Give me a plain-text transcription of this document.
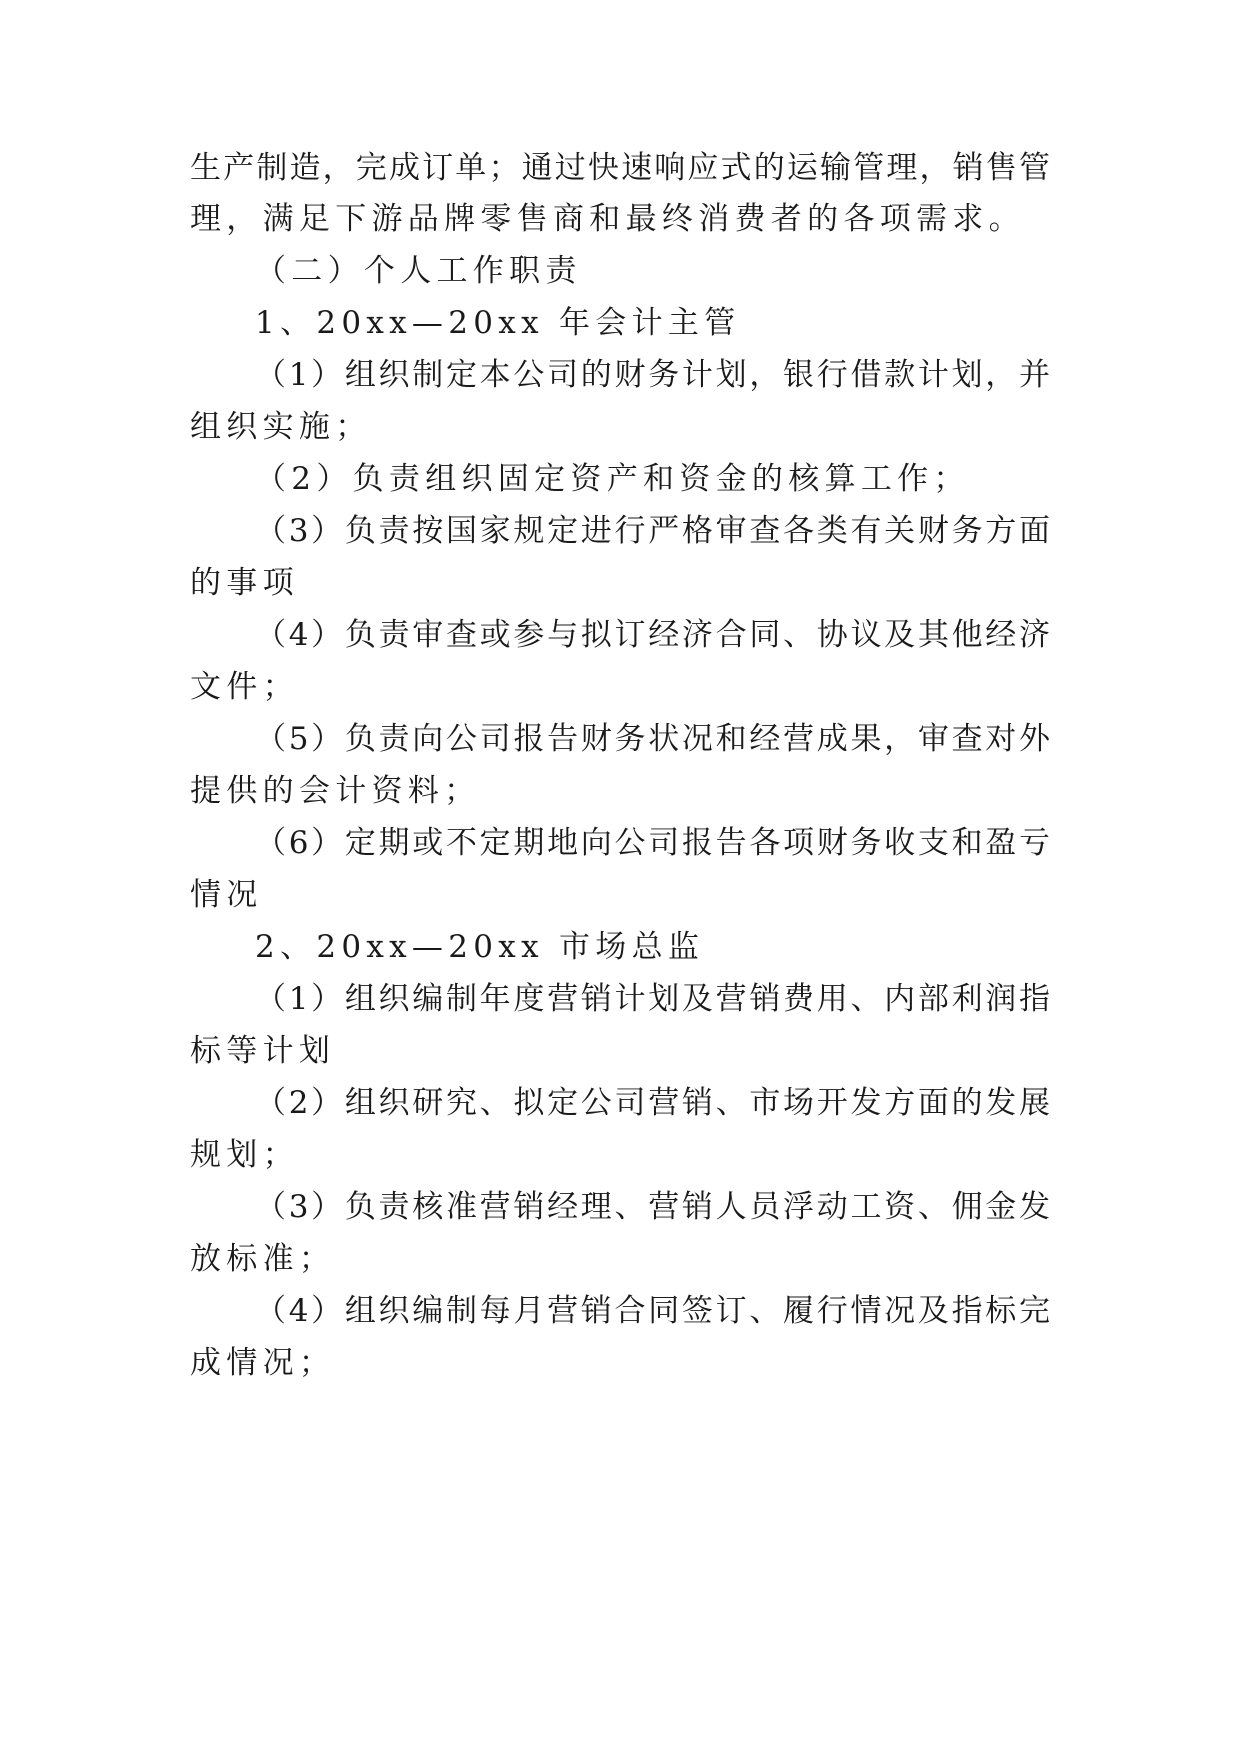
生产制造，完成订单；通过快速响应式的运输管理，销售管
理，满足下游品牌零售商和最终消费者的各项需求。
（二）个人工作职责
1、20xx—20xx 年会计主管
（1）组织制定本公司的财务计划，银行借款计划，并
组织实施；
（2）负责组织固定资产和资金的核算工作；
（3）负责按国家规定进行严格审查各类有关财务方面
的事项
（4）负责审查或参与拟订经济合同、协议及其他经济
文件；
（5）负责向公司报告财务状况和经营成果，审查对外
提供的会计资料；
（6）定期或不定期地向公司报告各项财务收支和盈亏
情况
2、20xx—20xx 市场总监
（1）组织编制年度营销计划及营销费用、内部利润指
标等计划
（2）组织研究、拟定公司营销、市场开发方面的发展
规划；
（3）负责核准营销经理、营销人员浮动工资、佣金发
放标准；
（4）组织编制每月营销合同签订、履行情况及指标完
成情况；
